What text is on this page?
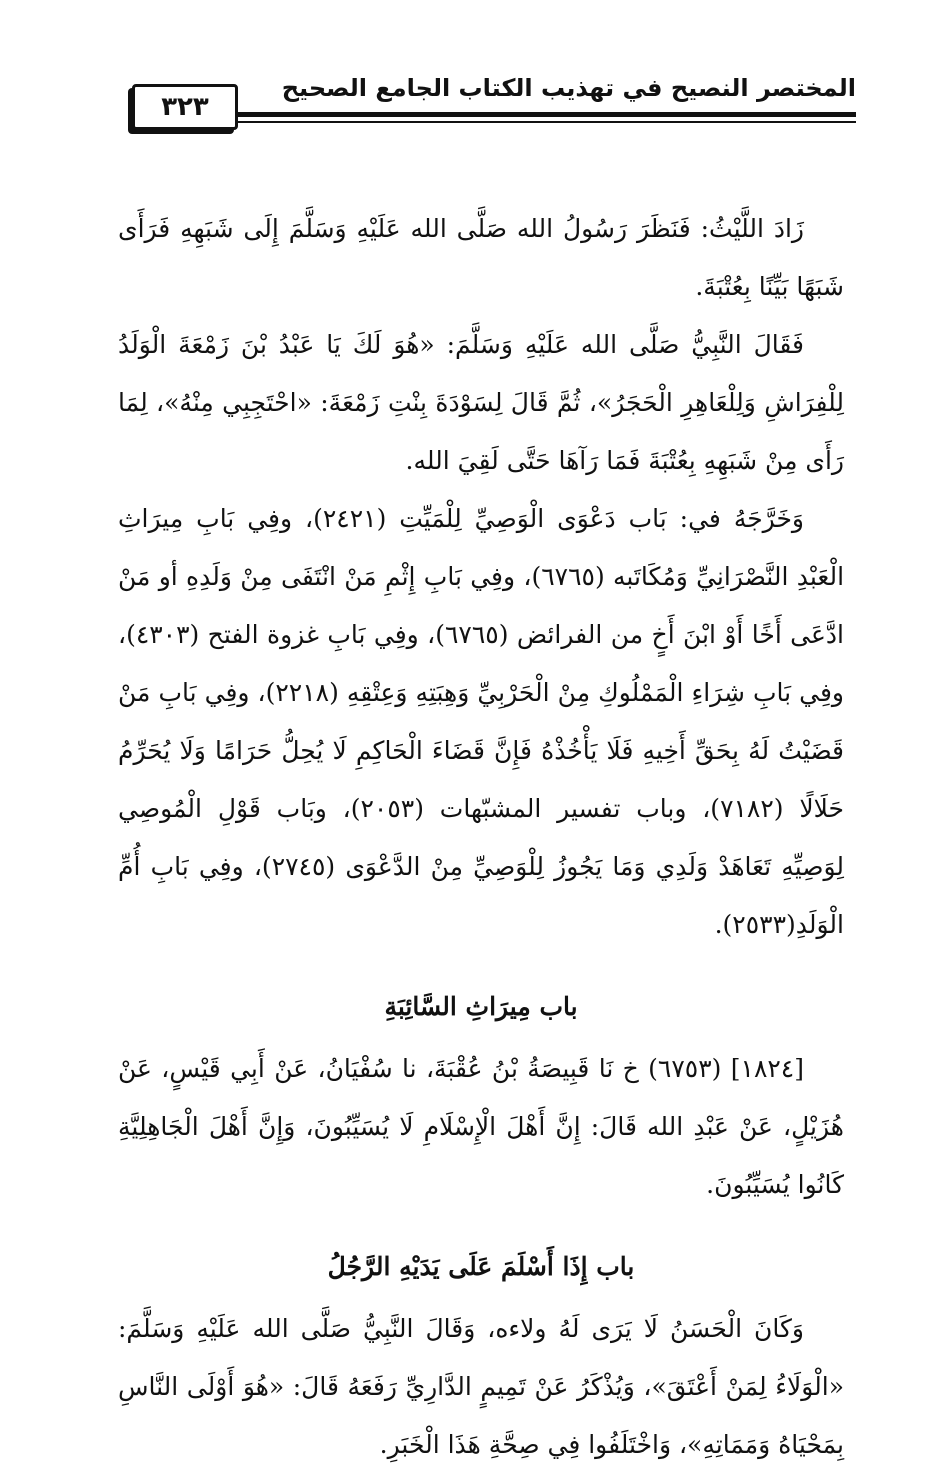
٣٢٣
المختصر النصيح في تهذيب الكتاب الجامع الصحيح

زَادَ اللَّيْثُ: فَنَظَرَ رَسُولُ الله صَلَّى الله عَلَيْهِ وَسَلَّمَ إِلَى شَبَهِهِ فَرَأَى شَبَهًا بَيِّنًا بِعُتْبَةَ.

فَقَالَ النَّبِيُّ صَلَّى الله عَلَيْهِ وَسَلَّمَ: «هُوَ لَكَ يَا عَبْدُ بْنَ زَمْعَةَ الْوَلَدُ لِلْفِرَاشِ وَلِلْعَاهِرِ الْحَجَرُ»، ثُمَّ قَالَ لِسَوْدَةَ بِنْتِ زَمْعَةَ: «احْتَجِبِي مِنْهُ»، لِمَا رَأَى مِنْ شَبَهِهِ بِعُتْبَةَ فَمَا رَآهَا حَتَّى لَقِيَ الله.

وَخَرَّجَهُ في: بَاب دَعْوَى الْوَصِيِّ لِلْمَيِّتِ (٢٤٢١)، وفِي بَابِ مِيرَاثِ الْعَبْدِ النَّصْرَانِيِّ وَمُكَاتَبه (٦٧٦٥)، وفِي بَابِ إِثْمِ مَنْ انْتَفَى مِنْ وَلَدِهِ أو مَنْ ادَّعَى أَخًا أَوْ ابْنَ أَخٍ من الفرائض (٦٧٦٥)، وفِي بَابِ غزوة الفتح (٤٣٠٣)، وفِي بَابِ شِرَاءِ الْمَمْلُوكِ مِنْ الْحَرْبِيِّ وَهِبَتِهِ وَعِتْقِهِ (٢٢١٨)، وفِي بَابِ مَنْ قَضَيْتُ لَهُ بِحَقِّ أَخِيهِ فَلَا يَأْخُذْهُ فَإِنَّ قَضَاءَ الْحَاكِمِ لَا يُحِلُّ حَرَامًا وَلَا يُحَرِّمُ حَلَالًا (٧١٨٢)، وباب تفسير المشبّهات (٢٠٥٣)، وبَاب قَوْلِ الْمُوصِي لِوَصِيِّهِ تَعَاهَدْ وَلَدِي وَمَا يَجُوزُ لِلْوَصِيِّ مِنْ الدَّعْوَى (٢٧٤٥)، وفِي بَابِ أُمِّ الْوَلَدِ(٢٥٣٣).

باب مِيرَاثِ السَّائِبَةِ

[١٨٢٤] (٦٧٥٣) خ نَا قَبِيصَةُ بْنُ عُقْبَةَ، نا سُفْيَانُ، عَنْ أَبِي قَيْسٍ، عَنْ هُزَيْلٍ، عَنْ عَبْدِ الله قَالَ: إِنَّ أَهْلَ الْإِسْلَامِ لَا يُسَيِّبُونَ، وَإِنَّ أَهْلَ الْجَاهِلِيَّةِ كَانُوا يُسَيِّبُونَ.

باب إِذَا أَسْلَمَ عَلَى يَدَيْهِ الرَّجُلُ

وَكَانَ الْحَسَنُ لَا يَرَى لَهُ ولاءه، وَقَالَ النَّبِيُّ صَلَّى الله عَلَيْهِ وَسَلَّمَ: «الْوَلَاءُ لِمَنْ أَعْتَقَ»، وَيُذْكَرُ عَنْ تَمِيمٍ الدَّارِيِّ رَفَعَهُ قَالَ: «هُوَ أَوْلَى النَّاسِ بِمَحْيَاهُ وَمَمَاتِهِ»، وَاخْتَلَفُوا فِي صِحَّةِ هَذَا الْخَبَرِ.
